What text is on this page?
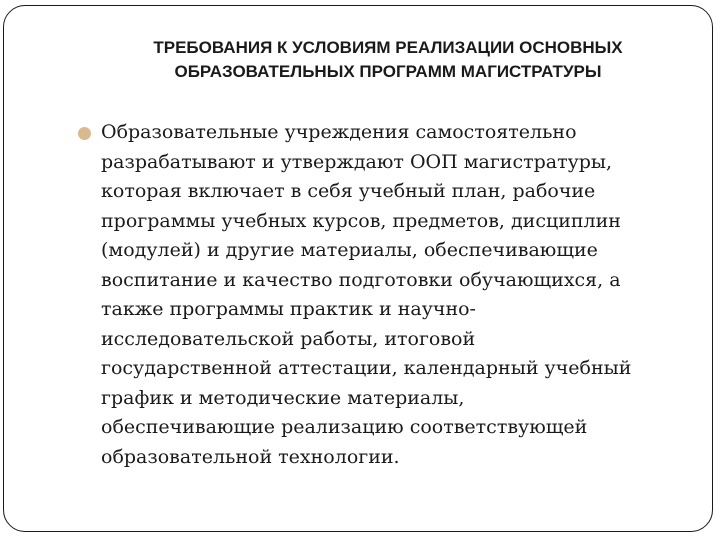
ТРЕБОВАНИЯ К УСЛОВИЯМ РЕАЛИЗАЦИИ ОСНОВНЫХ
ОБРАЗОВАТЕЛЬНЫХ ПРОГРАММ МАГИСТРАТУРЫ

Образовательные учреждения самостоятельно
разрабатывают и утверждают ООП магистратуры,
которая включает в себя учебный план, рабочие
программы учебных курсов, предметов, дисциплин
(модулей) и другие материалы, обеспечивающие
воспитание и качество подготовки обучающихся, а
также программы практик и научно-
исследовательской работы, итоговой
государственной аттестации, календарный учебный
график и методические материалы,
обеспечивающие реализацию соответствующей
образовательной технологии.
